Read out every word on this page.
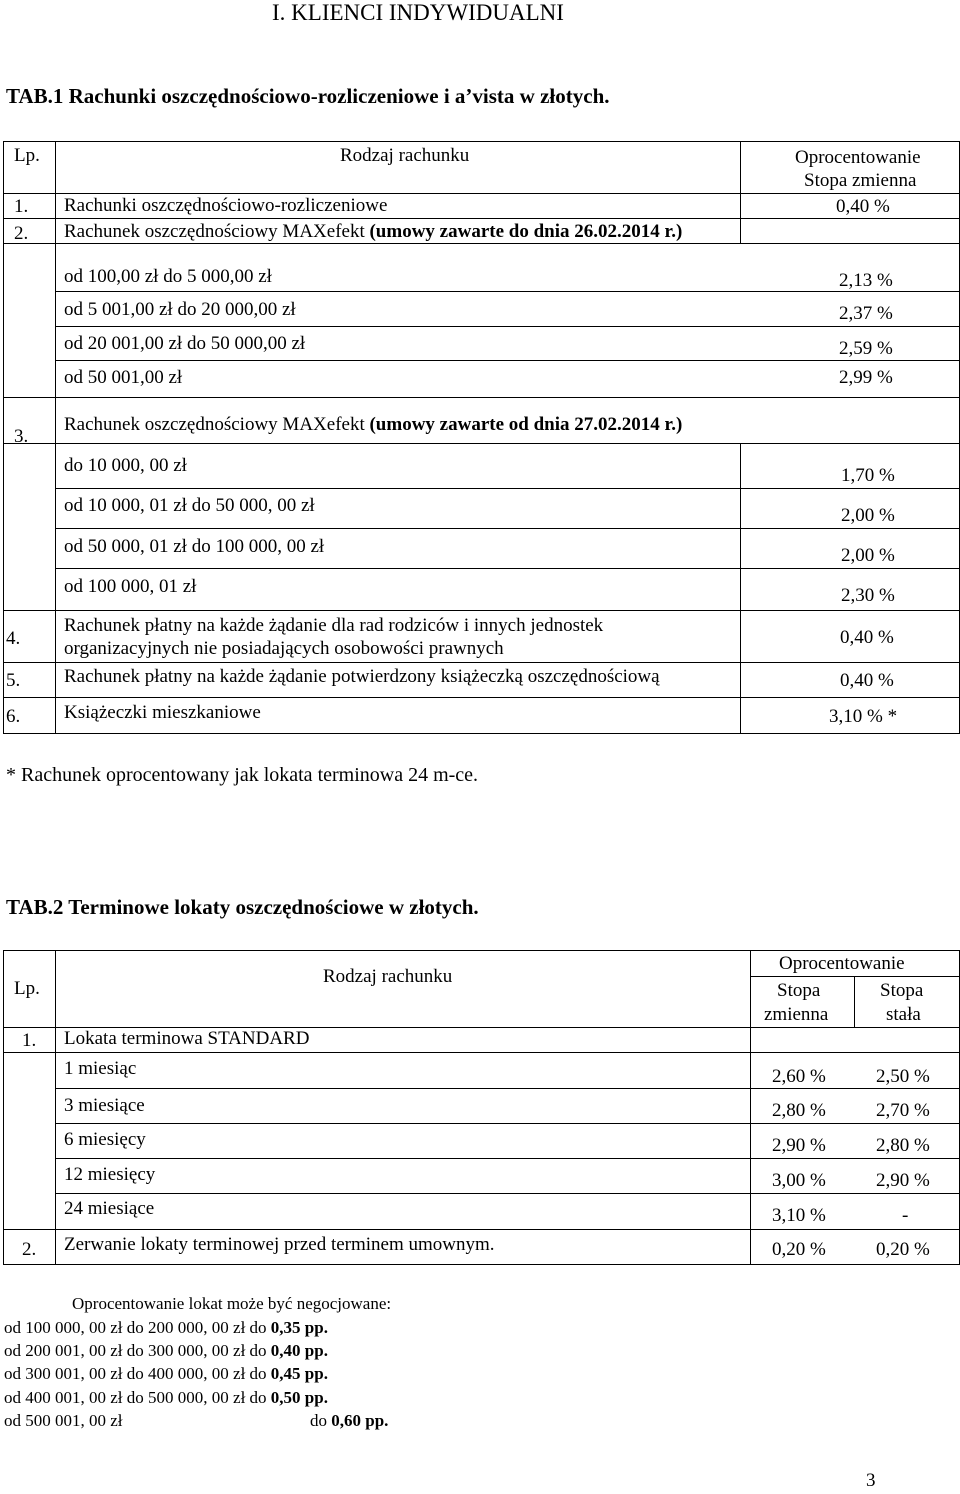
I. KLIENCI INDYWIDUALNI
TAB.1 Rachunki oszczędnościowo-rozliczeniowe i a’vista w złotych.
Lp.	Rodzaj rachunku	Oprocentowanie
Stopa zmienna
1. Rachunki oszczędnościowo-rozliczeniowe	0,40 %
2. Rachunek oszczędnościowy MAXefekt (umowy zawarte do dnia 26.02.2014 r.)
od 100,00 zł do 5 000,00 zł	2,13 %
od 5 001,00 zł do 20 000,00 zł	2,37 %
od 20 001,00 zł do 50 000,00 zł	2,59 %
od 50 001,00 zł	2,99 %
3.
Rachunek oszczędnościowy MAXefekt (umowy zawarte od dnia 27.02.2014 r.)
do 10 000, 00 zł	1,70 %
od 10 000, 01 zł do 50 000, 00 zł	2,00 %
od 50 000, 01 zł do 100 000, 00 zł	2,00 %
od 100 000, 01 zł	2,30 %
4.
Rachunek płatny na każde żądanie dla rad rodziców i innych jednostek
organizacyjnych nie posiadających osobowości prawnych
0,40 %
5. Rachunek płatny na każde żądanie potwierdzony książeczką oszczędnościową	0,40 %
6. Książeczki mieszkaniowe	3,10 % *
* Rachunek oprocentowany jak lokata terminowa 24 m-ce.
TAB.2 Terminowe lokaty oszczędnościowe w złotych.
Lp.
Rodzaj rachunku
Oprocentowanie
Stopa
zmienna
Stopa
stała
1. Lokata terminowa STANDARD
1 miesiąc	2,60 %	2,50 %
3 miesiące	2,80 %	2,70 %
6 miesięcy	2,90 %	2,80 %
12 miesięcy	3,00 %	2,90 %
24 miesiące	3,10 %	-
2. Zerwanie lokaty terminowej przed terminem umownym.	0,20 %	0,20 %
Oprocentowanie lokat może być negocjowane:
od 100 000, 00 zł do 200 000, 00 zł do 0,35 pp.
od 200 001, 00 zł do 300 000, 00 zł do 0,40 pp.
od 300 001, 00 zł do 400 000, 00 zł do 0,45 pp.
od 400 001, 00 zł do 500 000, 00 zł do 0,50 pp.
od 500 001, 00 zł	do 0,60 pp.
3
